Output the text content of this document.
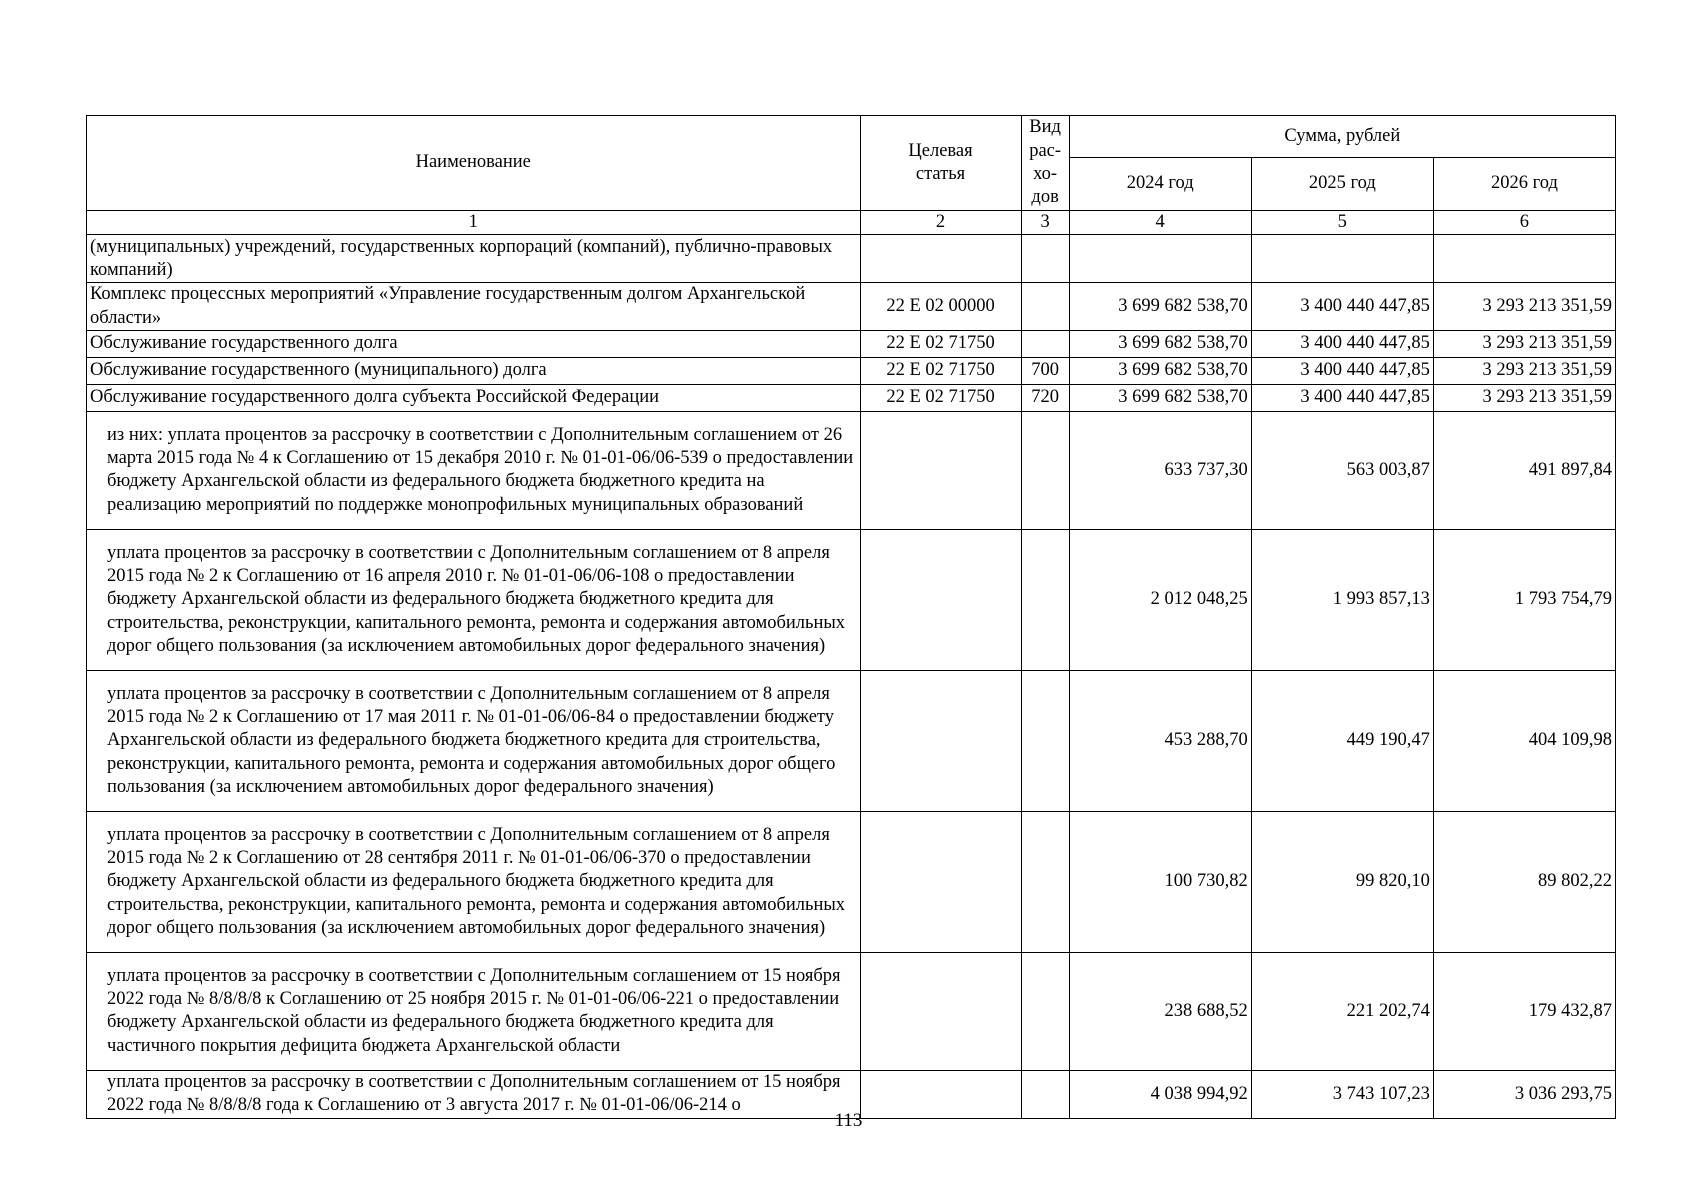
Наименование	Целевая статья	Вид рас-хо-дов	Сумма, рублей		
			2024 год	2025 год	2026 год
1	2	3	4	5	6
(муниципальных) учреждений, государственных корпораций (компаний), публично-правовых компаний)					
Комплекс процессных мероприятий «Управление государственным долгом Архангельской области»	22 Е 02 00000		3 699 682 538,70	3 400 440 447,85	3 293 213 351,59
Обслуживание государственного долга	22 Е 02 71750		3 699 682 538,70	3 400 440 447,85	3 293 213 351,59
Обслуживание государственного (муниципального) долга	22 Е 02 71750	700	3 699 682 538,70	3 400 440 447,85	3 293 213 351,59
Обслуживание государственного долга субъекта Российской Федерации	22 Е 02 71750	720	3 699 682 538,70	3 400 440 447,85	3 293 213 351,59
из них: уплата процентов за рассрочку в соответствии с Дополнительным соглашением от 26 марта 2015 года № 4 к Соглашению от 15 декабря 2010 г. № 01-01-06/06-539 о предоставлении бюджету Архангельской области из федерального бюджета бюджетного кредита на реализацию мероприятий по поддержке монопрофильных муниципальных образований			633 737,30	563 003,87	491 897,84
уплата процентов за рассрочку в соответствии с Дополнительным соглашением от 8 апреля 2015 года № 2 к Соглашению от 16 апреля 2010 г. № 01-01-06/06-108 о предоставлении бюджету Архангельской области из федерального бюджета бюджетного кредита для строительства, реконструкции, капитального ремонта, ремонта и содержания автомобильных дорог общего пользования (за исключением автомобильных дорог федерального значения)			2 012 048,25	1 993 857,13	1 793 754,79
уплата процентов за рассрочку в соответствии с Дополнительным соглашением от 8 апреля 2015 года № 2 к Соглашению от 17 мая 2011 г. № 01-01-06/06-84 о предоставлении бюджету Архангельской области из федерального бюджета бюджетного кредита для строительства, реконструкции, капитального ремонта, ремонта и содержания автомобильных дорог общего пользования (за исключением автомобильных дорог федерального значения)			453 288,70	449 190,47	404 109,98
уплата процентов за рассрочку в соответствии с Дополнительным соглашением от 8 апреля 2015 года № 2 к Соглашению от 28 сентября 2011 г. № 01-01-06/06-370 о предоставлении бюджету Архангельской области из федерального бюджета бюджетного кредита для строительства, реконструкции, капитального ремонта, ремонта и содержания автомобильных дорог общего пользования (за исключением автомобильных дорог федерального значения)			100 730,82	99 820,10	89 802,22
уплата процентов за рассрочку в соответствии с Дополнительным соглашением от 15 ноября 2022 года № 8/8/8/8 к Соглашению от 25 ноября 2015 г. № 01-01-06/06-221 о предоставлении бюджету Архангельской области из федерального бюджета бюджетного кредита для частичного покрытия дефицита бюджета Архангельской области			238 688,52	221 202,74	179 432,87
уплата процентов за рассрочку в соответствии с Дополнительным соглашением от 15 ноября 2022 года № 8/8/8/8 года к Соглашению от 3 августа 2017 г. № 01-01-06/06-214 о			4 038 994,92	3 743 107,23	3 036 293,75
113
